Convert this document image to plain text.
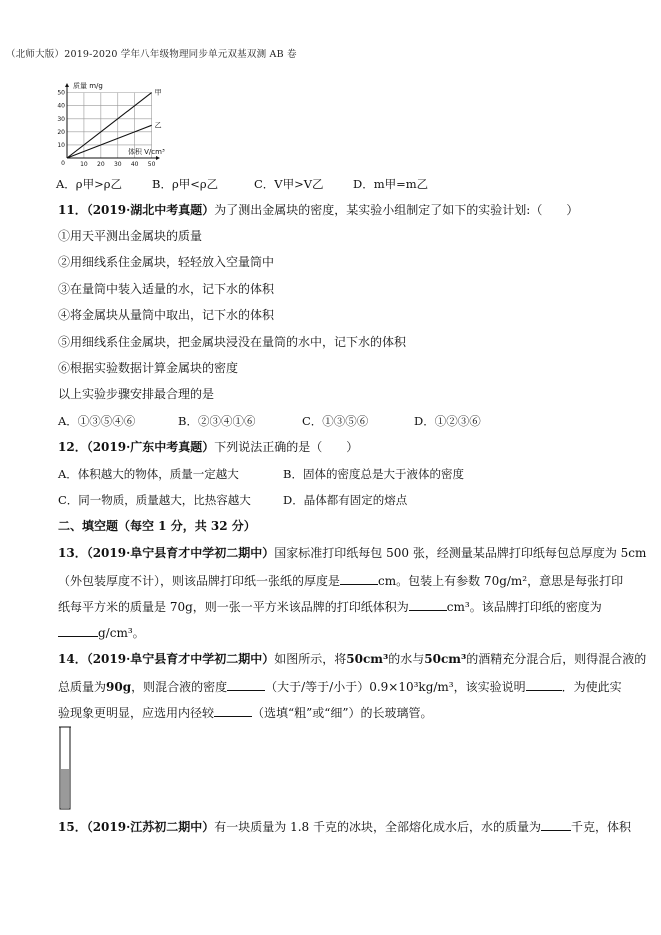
（北师大版）2019-2020 学年八年级物理同步单元双基双测 AB 卷
10 20 30 40 50
10
20
30
40
50
0
甲
乙
质量 m/g
体积 V/cm³
A．ρ甲>ρ乙	B．ρ甲<ρ乙	C．V甲>V乙	D．m甲=m乙
11．（2019·湖北中考真题）为了测出金属块的密度，某实验小组制定了如下的实验计划:（　　）
①用天平测出金属块的质量
②用细线系住金属块，轻轻放入空量筒中
③在量筒中装入适量的水，记下水的体积
④将金属块从量筒中取出，记下水的体积
⑤用细线系住金属块，把金属块浸没在量筒的水中，记下水的体积
⑥根据实验数据计算金属块的密度
以上实验步骤安排最合理的是
A．①③⑤④⑥	B．②③④①⑥	C．①③⑤⑥	D．①②③⑥
12．（2019·广东中考真题）下列说法正确的是（　　）
A．体积越大的物体，质量一定越大	B．固体的密度总是大于液体的密度
C．同一物质，质量越大，比热容越大	D．晶体都有固定的熔点
二、填空题（每空 1 分，共 32 分）
13．（2019·阜宁县育才中学初二期中）国家标准打印纸每包 500 张，经测量某品牌打印纸每包总厚度为 5cm
（外包装厚度不计），则该品牌打印纸一张纸的厚度是	cm。包装上有参数 70g/m²，意思是每张打印
纸每平方米的质量是 70g，则一张一平方米该品牌的打印纸体积为	cm³。该品牌打印纸的密度为
g/cm³。
14．（2019·阜宁县育才中学初二期中）如图所示，将50cm³的水与50cm³的酒精充分混合后，则得混合液的
总质量为90g，则混合液的密度	（大于/等于/小于）0.9×10³kg/m³，该实验说明	．为使此实
验现象更明显，应选用内径较	（选填“粗”或“细”）的长玻璃管。
15．（2019·江苏初二期中）有一块质量为 1.8 千克的冰块，全部熔化成水后，水的质量为	千克，体积
